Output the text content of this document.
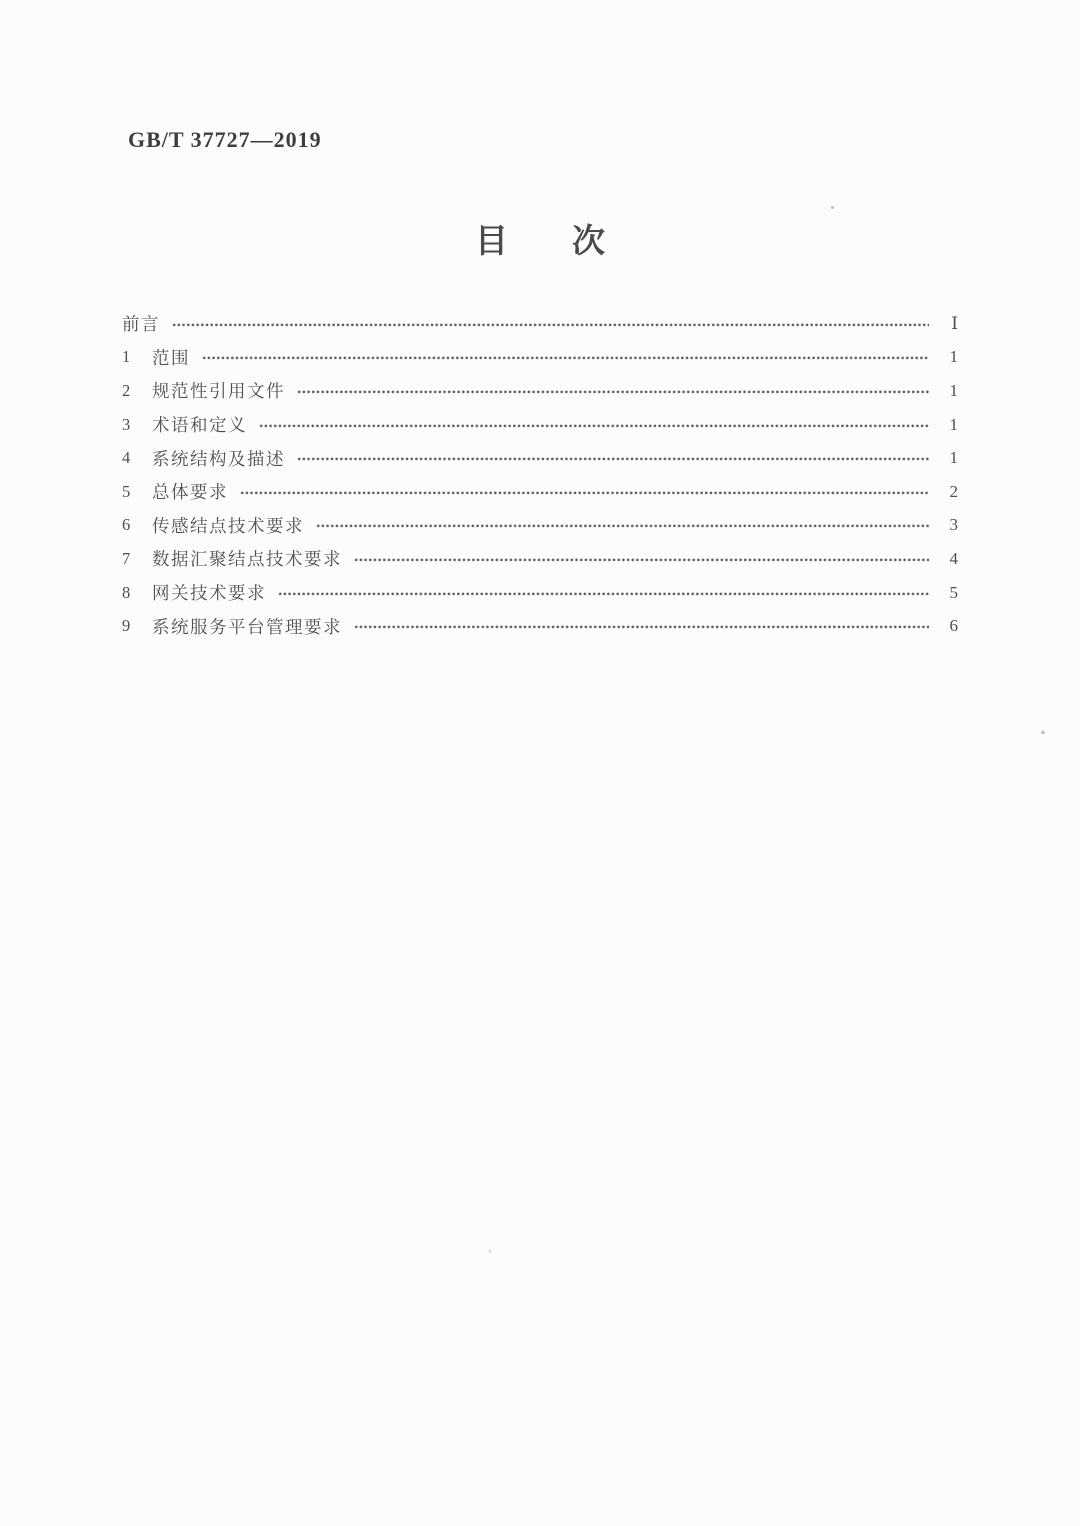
GB/T 37727—2019
目 次
前言	Ⅰ
1	范围	1
2	规范性引用文件	1
3	术语和定义	1
4	系统结构及描述	1
5	总体要求	2
6	传感结点技术要求	3
7	数据汇聚结点技术要求	4
8	网关技术要求	5
9	系统服务平台管理要求	6
